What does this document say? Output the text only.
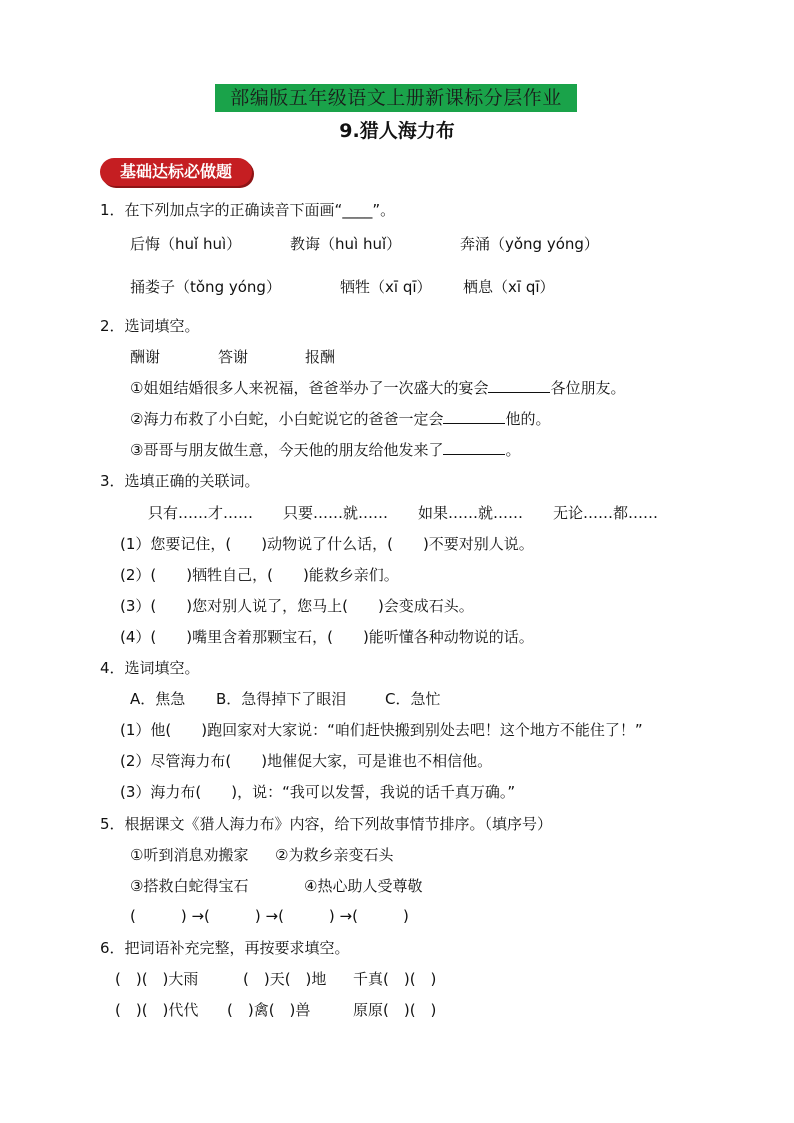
部编版五年级语文上册新课标分层作业
9.猎人海力布
基础达标必做题
1．在下列加点字的正确读音下面画“____”。
后悔（huǐ huì）	教诲（huì huǐ）	奔涌（yǒng yóng）
捅娄子（tǒng yóng）	牺牲（xī qī） 栖息（xī qī）
2．选词填空。
酬谢	答谢	报酬
①姐姐结婚很多人来祝福，爸爸举办了一次盛大的宴会	各位朋友。
②海力布救了小白蛇，小白蛇说它的爸爸一定会	他的。
③哥哥与朋友做生意，今天他的朋友给他发来了	。
3．选填正确的关联词。
只有……才…… 只要……就…… 如果……就…… 无论……都……
(1）您要记住，(　　)动物说了什么话，(　　)不要对别人说。
(2）(　　)牺牲自己，(　　)能救乡亲们。
(3）(　　)您对别人说了，您马上(　　)会变成石头。
(4）(　　)嘴里含着那颗宝石，(　　)能听懂各种动物说的话。
4．选词填空。
A．焦急 B．急得掉下了眼泪	C．急忙
(1）他(　　)跑回家对大家说：“咱们赶快搬到别处去吧！这个地方不能住了！”
(2）尽管海力布(　　)地催促大家，可是谁也不相信他。
(3）海力布(　　)，说：“我可以发誓，我说的话千真万确。”
5．根据课文《猎人海力布》内容，给下列故事情节排序。（填序号）
①听到消息劝搬家 ②为救乡亲变石头
③搭救白蛇得宝石	④热心助人受尊敬
(　　　) →(　　　) →(　　　) →(　　　)
6．把词语补充完整，再按要求填空。
(　)(　)大雨	(　)天(　)地 千真(　)(　)
(　)(　)代代 (　)禽(　)兽	原原(　)(　)
